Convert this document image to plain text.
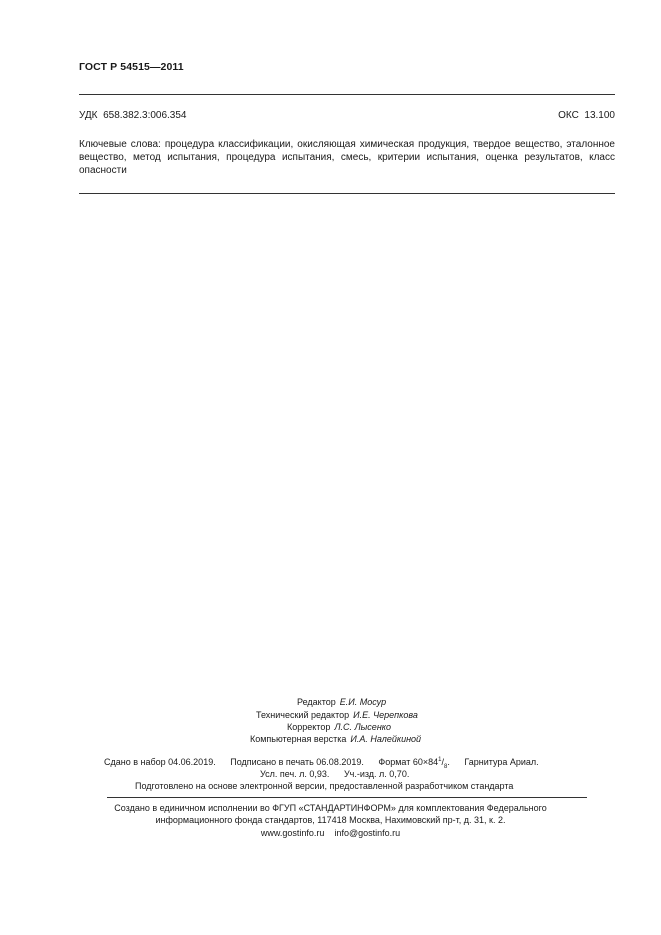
ГОСТ Р 54515—2011
УДК 658.382.3:006.354	ОКС 13.100
Ключевые слова: процедура классификации, окисляющая химическая продукция, твердое вещество, эталонное вещество, метод испытания, процедура испытания, смесь, критерии испытания, оценка результатов, класс опасности
Редактор Е.И. Мосур
Технический редактор И.Е. Черепкова
Корректор Л.С. Лысенко
Компьютерная верстка И.А. Налейкиной
Сдано в набор 04.06.2019. Подписано в печать 06.08.2019. Формат $60\times 84^1/_8$. Гарнитура Ариал.
Усл. печ. л. 0,93. Уч.-изд. л. 0,70.
Подготовлено на основе электронной версии, предоставленной разработчиком стандарта
Создано в единичном исполнении во ФГУП «СТАНДАРТИНФОРМ» для комплектования Федерального
информационного фонда стандартов, 117418 Москва, Нахимовский пр-т, д. 31, к. 2.
www.gostinfo.ru info@gostinfo.ru
